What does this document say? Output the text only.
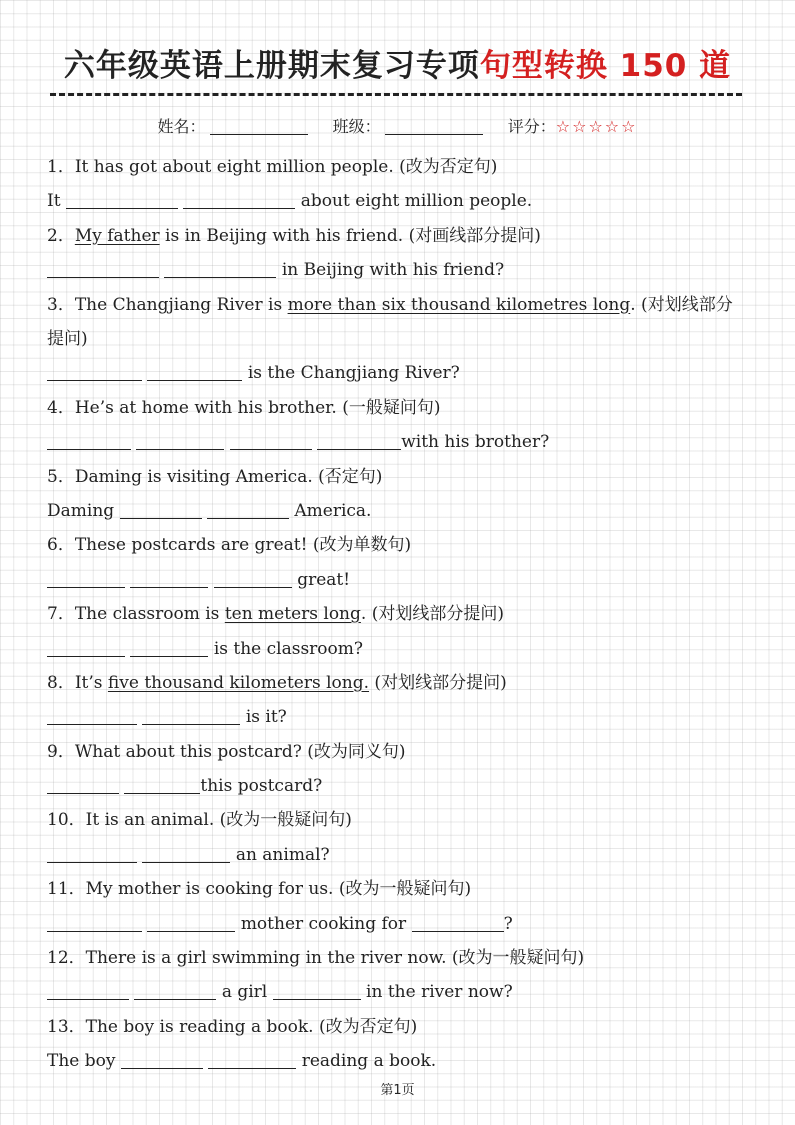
六年级英语上册期末复习专项句型转换 150 道
姓名：	班级：	评分：☆☆☆☆☆
1．It has got about eight million people. (改为否定句)
It	about eight million people.
2．My father is in Beijing with his friend. (对画线部分提问)
in Beijing with his friend?
3．The Changjiang River is more than six thousand kilometres long. (对划线部分提问)
is the Changjiang River?
4．He’s at home with his brother. (一般疑问句)
with his brother?
5．Daming is visiting America. (否定句)
Daming	America.
6．These postcards are great! (改为单数句)
great!
7．The classroom is ten meters long. (对划线部分提问)
is the classroom?
8．It’s five thousand kilometers long. (对划线部分提问)
is it?
9．What about this postcard? (改为同义句)
this postcard?
10．It is an animal. (改为一般疑问句)
an animal?
11．My mother is cooking for us. (改为一般疑问句)
mother cooking for	?
12．There is a girl swimming in the river now. (改为一般疑问句)
a girl	in the river now?
13．The boy is reading a book. (改为否定句)
The boy	reading a book.
第1页
